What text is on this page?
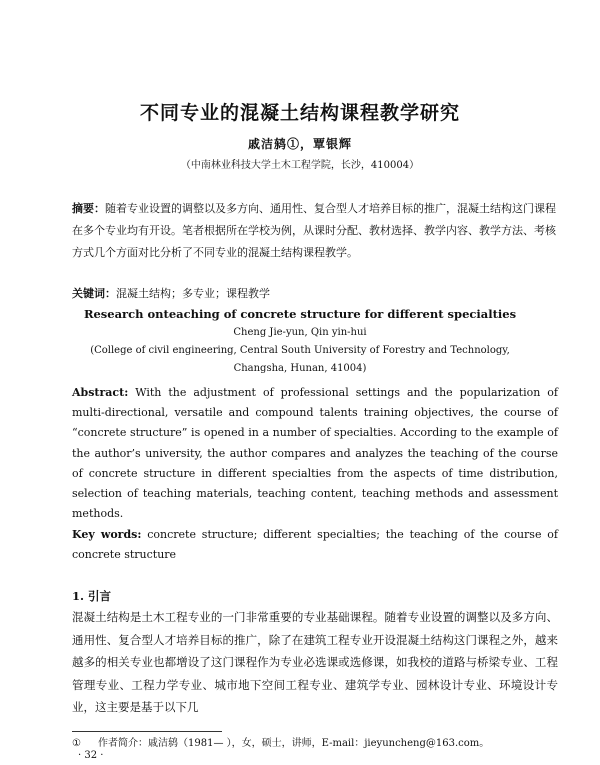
不同专业的混凝土结构课程教学研究
戚洁鸫①，覃银辉
（中南林业科技大学土木工程学院，长沙，410004）
摘要：随着专业设置的调整以及多方向、通用性、复合型人才培养目标的推广，混凝土结构这门课程在多个专业均有开设。笔者根据所在学校为例，从课时分配、教材选择、教学内容、教学方法、考核方式几个方面对比分析了不同专业的混凝土结构课程教学。
关键词：混凝土结构；多专业；课程教学
Research onteaching of concrete structure for different specialties
Cheng Jie-yun, Qin yin-hui
(College of civil engineering, Central South University of Forestry and Technology,
Changsha, Hunan, 41004)
Abstract: With the adjustment of professional settings and the popularization of multi-directional, versatile and compound talents training objectives, the course of “concrete structure” is opened in a number of specialties. According to the example of the author’s university, the author compares and analyzes the teaching of the course of concrete structure in different specialties from the aspects of time distribution, selection of teaching materials, teaching content, teaching methods and assessment methods.
Key words: concrete structure; different specialties; the teaching of the course of concrete structure
1. 引言
混凝土结构是土木工程专业的一门非常重要的专业基础课程。随着专业设置的调整以及多方向、通用性、复合型人才培养目标的推广，除了在建筑工程专业开设混凝土结构这门课程之外，越来越多的相关专业也都增设了这门课程作为专业必选课或选修课，如我校的道路与桥梁专业、工程管理专业、工程力学专业、城市地下空间工程专业、建筑学专业、园林设计专业、环境设计专业，这主要是基于以下几
① 作者简介：戚洁鸫（1981— ），女，硕士，讲师，E-mail：jieyuncheng@163.com。
· 32 ·
